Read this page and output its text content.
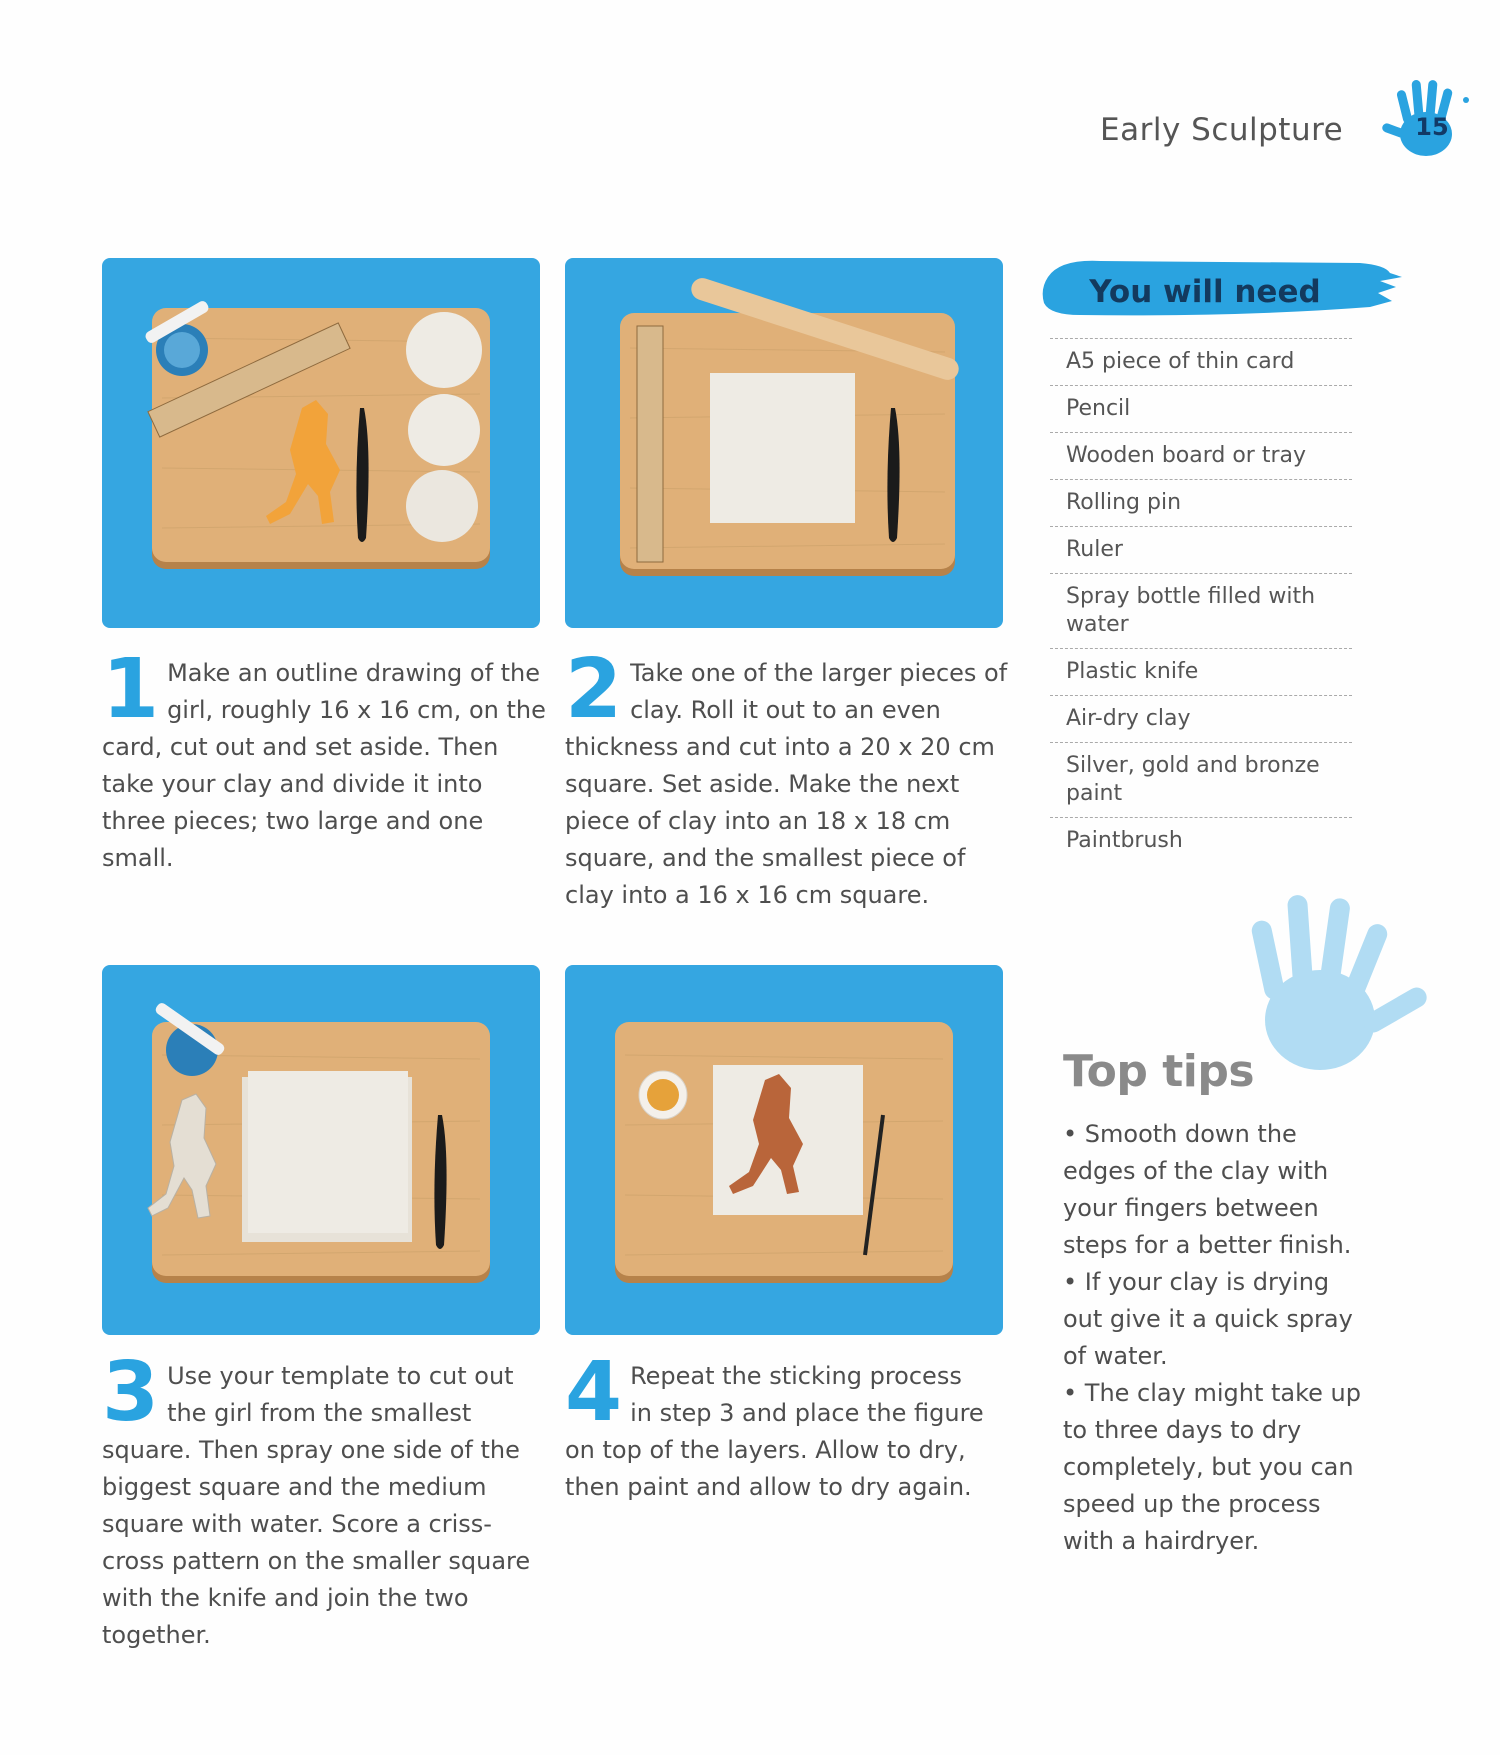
Early Sculpture	15
1 Make an outline drawing of the girl, roughly 16 x 16 cm, on the card, cut out and set aside. Then take your clay and divide it into three pieces; two large and one small.
2 Take one of the larger pieces of clay. Roll it out to an even thickness and cut into a 20 x 20 cm square. Set aside. Make the next piece of clay into an 18 x 18 cm square, and the smallest piece of clay into a 16 x 16 cm square.
3 Use your template to cut out the girl from the smallest square. Then spray one side of the biggest square and the medium square with water. Score a criss-cross pattern on the smaller square with the knife and join the two together.
4 Repeat the sticking process in step 3 and place the figure on top of the layers. Allow to dry, then paint and allow to dry again.
You will need
A5 piece of thin card
Pencil
Wooden board or tray
Rolling pin
Ruler
Spray bottle filled with water
Plastic knife
Air-dry clay
Silver, gold and bronze paint
Paintbrush
Top tips

• Smooth down the edges of the clay with your fingers between steps for a better finish.

• If your clay is drying out give it a quick spray of water.

• The clay might take up to three days to dry completely, but you can speed up the process with a hairdryer.
